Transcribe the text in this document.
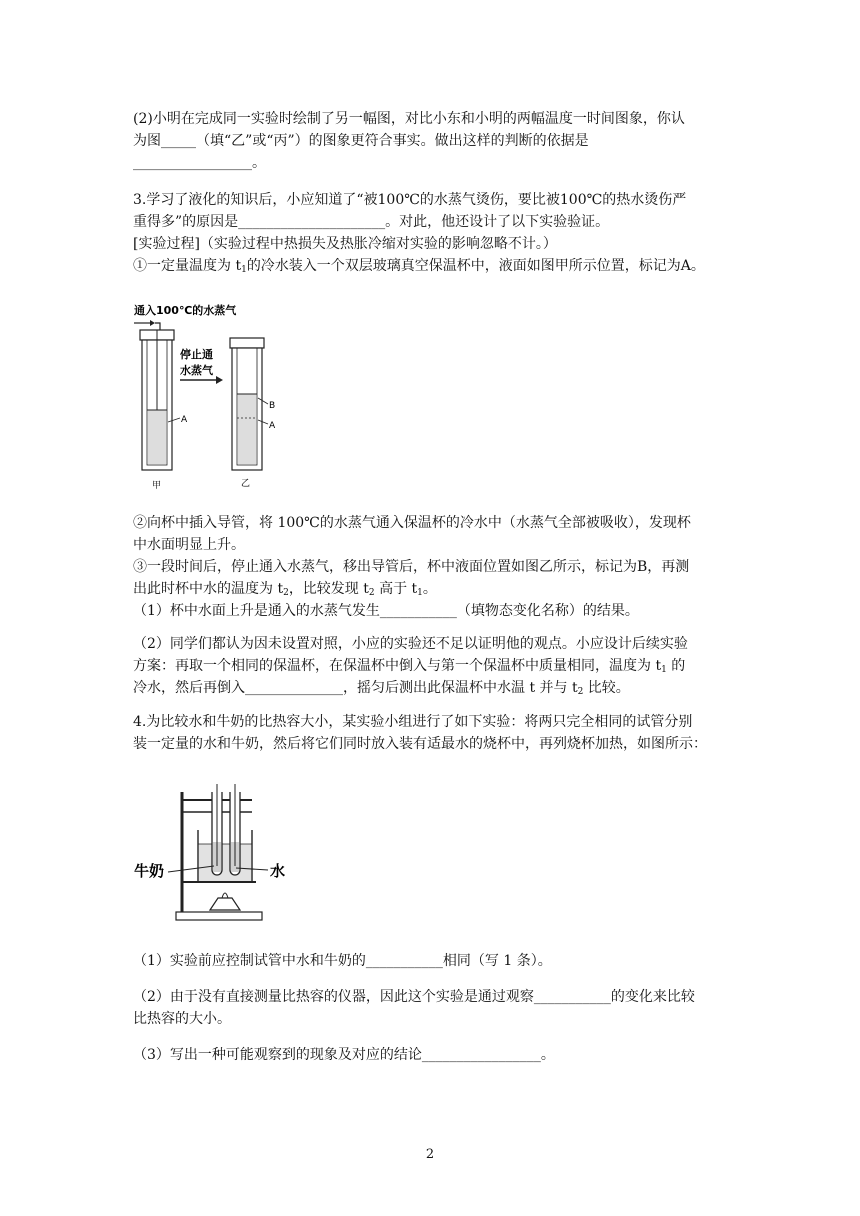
(2)小明在完成同一实验时绘制了另一幅图，对比小东和小明的两幅温度一时间图象，你认

为图_____（填“乙”或“丙”）的图象更符合事实。做出这样的判断的依据是

_________________。

3.学习了液化的知识后，小应知道了“被100℃的水蒸气烫伤，要比被100℃的热水烫伤严

重得多”的原因是_____________________。对此，他还设计了以下实验验证。

[实验过程]（实验过程中热损失及热胀冷缩对实验的影响忽略不计。）

①一定量温度为 $t_1$的冷水装入一个双层玻璃真空保温杯中，液面如图甲所示位置，标记为A。

通入100℃的水蒸气
A
甲
停止通
水蒸气
B
A
乙

②向杯中插入导管，将 100℃的水蒸气通入保温杯的冷水中（水蒸气全部被吸收），发现杯

中水面明显上升。

③一段时间后，停止通入水蒸气，移出导管后，杯中液面位置如图乙所示，标记为B，再测

出此时杯中水的温度为 $t_2$，比较发现 $t_2$ 高于 $t_1$。

（1）杯中水面上升是通入的水蒸气发生___________（填物态变化名称）的结果。

（2）同学们都认为因未设置对照，小应的实验还不足以证明他的观点。小应设计后续实验

方案：再取一个相同的保温杯，在保温杯中倒入与第一个保温杯中质量相同，温度为 $t_1$ 的

冷水，然后再倒入______________，摇匀后测出此保温杯中水温 t 并与 $t_2$ 比较。

4.为比较水和牛奶的比热容大小，某实验小组进行了如下实验：将两只完全相同的试管分别

装一定量的水和牛奶，然后将它们同时放入装有适最水的烧杯中，再列烧杯加热，如图所示：

牛奶	水

（1）实验前应控制试管中水和牛奶的___________相同（写 1 条）。

（2）由于没有直接测量比热容的仪器，因此这个实验是通过观察___________的变化来比较

比热容的大小。

（3）写出一种可能观察到的现象及对应的结论_________________。

2
